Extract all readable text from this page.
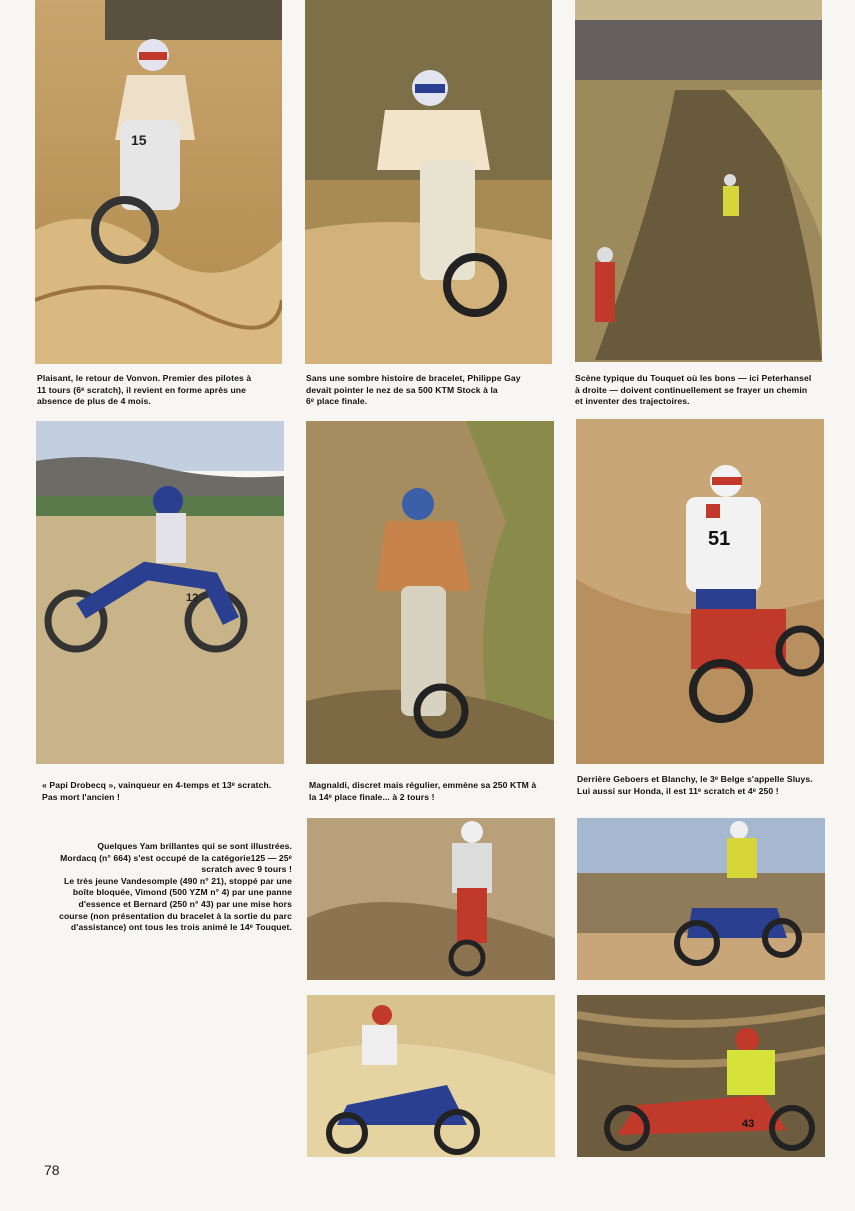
15
Plaisant, le retour de Vonvon. Premier des pilotes à
11 tours (6ᵉ scratch), il revient en forme après une
absence de plus de 4 mois.
Sans une sombre histoire de bracelet, Philippe Gay
devait pointer le nez de sa 500 KTM Stock à la
6ᵉ place finale.
Scène typique du Touquet où les bons — ici Peterhansel
à droite — doivent continuellement se frayer un chemin
et inventer des trajectoires.
12
51
« Papi Drobecq », vainqueur en 4-temps et 13ᵉ scratch.
Pas mort l'ancien !
Magnaldi, discret mais régulier, emmène sa 250 KTM à
la 14ᵉ place finale... à 2 tours !
Derrière Geboers et Blanchy, le 3ᵉ Belge s'appelle Sluys.
Lui aussi sur Honda, il est 11ᵉ scratch et 4ᵉ 250 !
Quelques Yam brillantes qui se sont illustrées.
Mordacq (n° 664) s'est occupé de la catégorie125 — 25ᵉ
scratch avec 9 tours !
Le très jeune Vandesomple (490 n° 21), stoppé par une
boîte bloquée, Vimond (500 YZM n° 4) par une panne
d'essence et Bernard (250 n° 43) par une mise hors
course (non présentation du bracelet à la sortie du parc
d'assistance) ont tous les trois animé le 14ᵉ Touquet.
43
78
